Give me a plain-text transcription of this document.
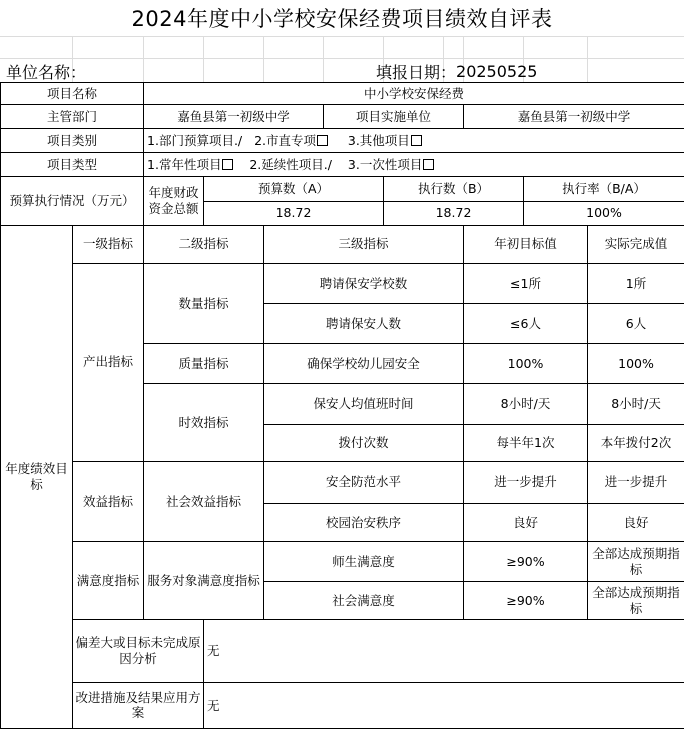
2024年度中小学校安保经费项目绩效自评表
单位名称：	填报日期： 20250525
项目名称		中小学校安保经费							
主管部门		嘉鱼县第一初级中学			项目实施单位		嘉鱼县第一初级中学		
项目类别		1.部门预算项目./ 2.市直专项 3.其他项目							
项目类型		1.常年性项目 2.延续性项目./ 3.一次性项目							
预算执行情况（万元）		年度财政资金总额	预算数（A）			执行数（B）		执行率（B/A）	
			18.72			18.72		100%	
年度绩效目标	一级指标	二级指标		三级指标			年初目标值		实际完成值
	产出指标	数量指标		聘请保安学校数			≤1所		1所
				聘请保安人数			≤6人		6人
		质量指标		确保学校幼儿园安全			100%		100%
		时效指标		保安人均值班时间			8小时/天		8小时/天
				拨付次数			每半年1次		本年拨付2次
	效益指标	社会效益指标		安全防范水平			进一步提升		进一步提升
				校园治安秩序			良好		良好
	满意度指标	服务对象满意度指标		师生满意度			≥90%		全部达成预期指标
				社会满意度			≥90%		全部达成预期指标
	偏差大或目标未完成原因分析		无						
	改进措施及结果应用方案		无						
